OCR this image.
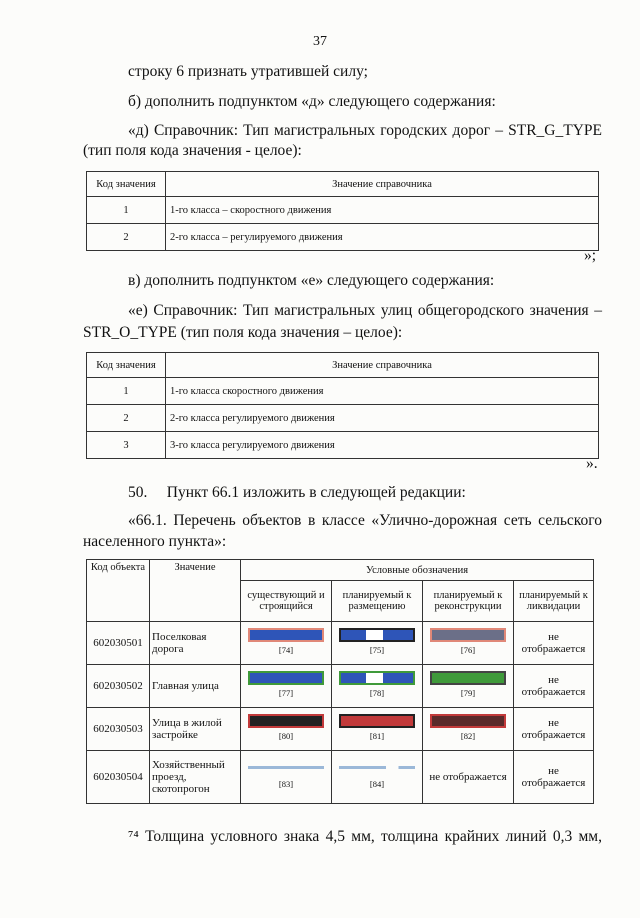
37
строку 6 признать утратившей силу;
б) дополнить подпунктом «д» следующего содержания:
«д) Справочник: Тип магистральных городских дорог – STR_G_TYPE
(тип поля кода значения - целое):
Код значения	Значение справочника
1	1-го класса – скоростного движения
2	2-го класса – регулируемого движения
»;
в) дополнить подпунктом «е» следующего содержания:
«е) Справочник: Тип магистральных улиц общегородского значения –
STR_O_TYPE (тип поля кода значения – целое):
Код значения	Значение справочника
1	1-го класса скоростного движения
2	2-го класса регулируемого движения
3	3-го класса регулируемого движения
».
50.     Пункт 66.1 изложить в следующей редакции:
«66.1. Перечень объектов в классе «Улично-дорожная сеть сельского
населенного пункта»:
Код объекта	Значение	Условные обозначения			
		существующий и строящийся	планируемый к размещению	планируемый к реконструкции	планируемый к ликвидации
602030501	Поселковая дорога	[74]	[75]	[76]	не отображается
602030502	Главная улица	[77]	[78]	[79]	не отображается
602030503	Улица в жилой застройке	[80]	[81]	[82]	не отображается
602030504	Хозяйственный проезд, скотопрогон	[83]	[84]	не отображается	не отображается
⁷⁴ Толщина условного знака 4,5 мм, толщина крайних линий 0,3 мм,
